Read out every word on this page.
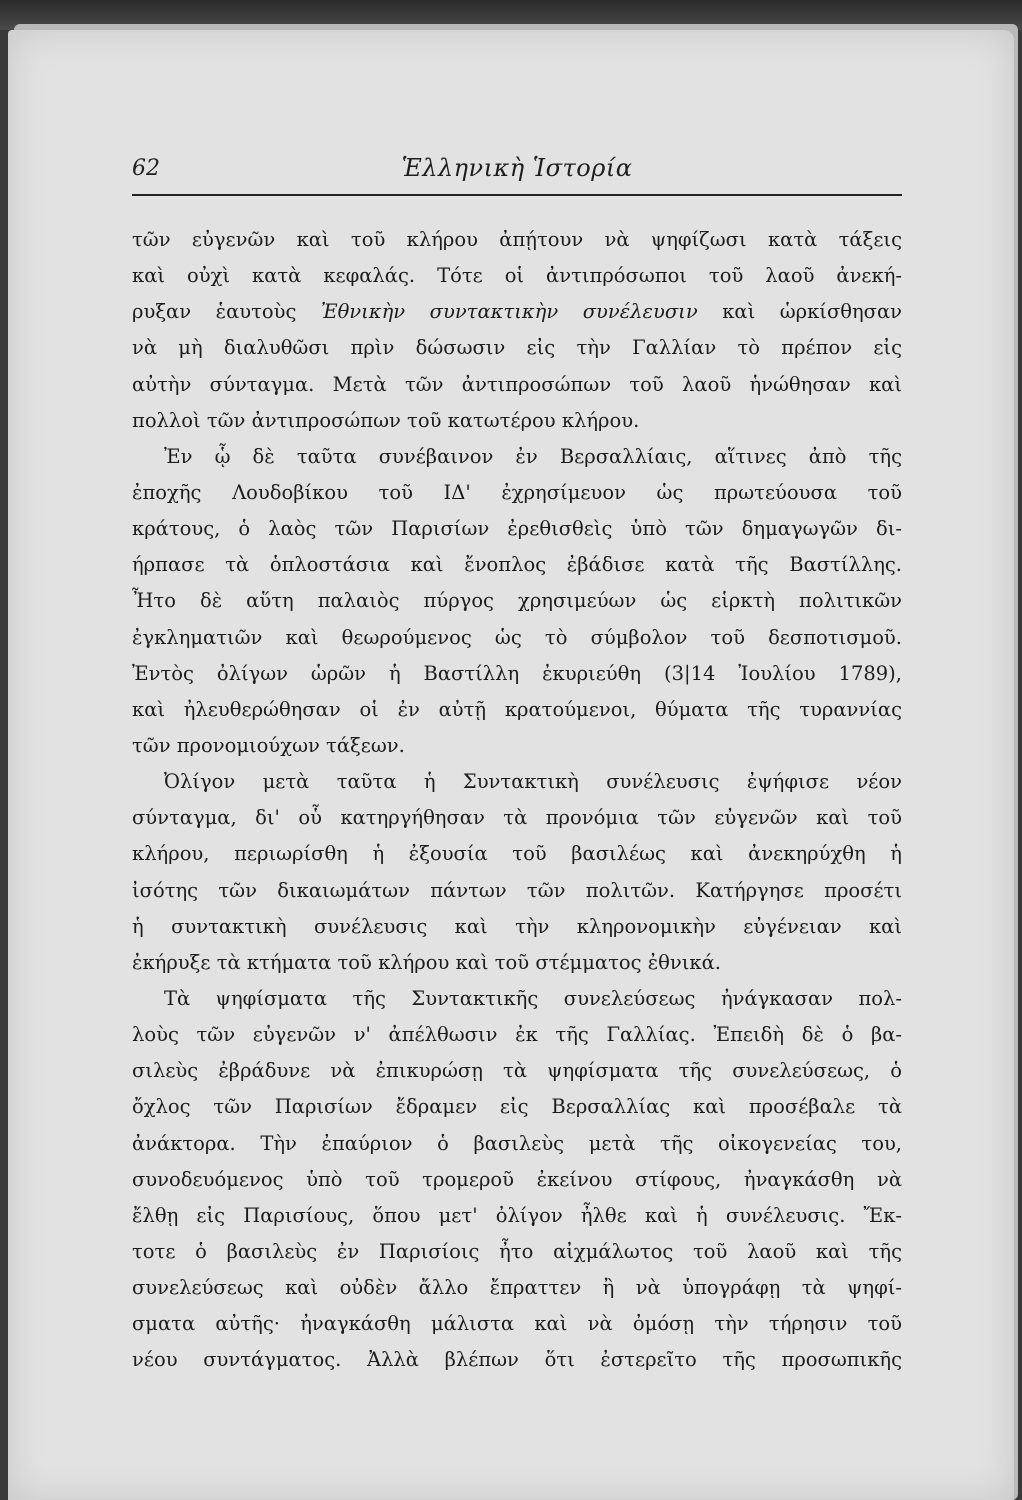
62	Ἑλληνικὴ Ἱστορία
τῶν εὐγενῶν καὶ τοῦ κλήρου ἀπῄτουν νὰ ψηφίζωσι κατὰ τάξεις
καὶ οὐχὶ κατὰ κεφαλάς. Τότε οἱ ἀντιπρόσωποι τοῦ λαοῦ ἀνεκή-
ρυξαν ἑαυτοὺς Ἐθνικὴν συντακτικὴν συνέλευσιν καὶ ὡρκίσθησαν
νὰ μὴ διαλυθῶσι πρὶν δώσωσιν εἰς τὴν Γαλλίαν τὸ πρέπον εἰς
αὐτὴν σύνταγμα. Μετὰ τῶν ἀντιπροσώπων τοῦ λαοῦ ἡνώθησαν καὶ
πολλοὶ τῶν ἀντιπροσώπων τοῦ κατωτέρου κλήρου.
Ἐν ᾧ δὲ ταῦτα συνέβαινον ἐν Βερσαλλίαις, αἵτινες ἀπὸ τῆς
ἐποχῆς Λουδοβίκου τοῦ ΙΔ' ἐχρησίμευον ὡς πρωτεύουσα τοῦ
κράτους, ὁ λαὸς τῶν Παρισίων ἐρεθισθεὶς ὑπὸ τῶν δημαγωγῶν δι-
ήρπασε τὰ ὁπλοστάσια καὶ ἔνοπλος ἐβάδισε κατὰ τῆς Βαστίλλης.
Ἦτο δὲ αὕτη παλαιὸς πύργος χρησιμεύων ὡς εἱρκτὴ πολιτικῶν
ἐγκληματιῶν καὶ θεωρούμενος ὡς τὸ σύμβολον τοῦ δεσποτισμοῦ.
Ἐντὸς ὀλίγων ὡρῶν ἡ Βαστίλλη ἐκυριεύθη (3|14 Ἰουλίου 1789),
καὶ ἠλευθερώθησαν οἱ ἐν αὐτῇ κρατούμενοι, θύματα τῆς τυραννίας
τῶν προνομιούχων τάξεων.
Ὀλίγον μετὰ ταῦτα ἡ Συντακτικὴ συνέλευσις ἐψήφισε νέον
σύνταγμα, δι' οὗ κατηργήθησαν τὰ προνόμια τῶν εὐγενῶν καὶ τοῦ
κλήρου, περιωρίσθη ἡ ἐξουσία τοῦ βασιλέως καὶ ἀνεκηρύχθη ἡ
ἰσότης τῶν δικαιωμάτων πάντων τῶν πολιτῶν. Κατήργησε προσέτι
ἡ συντακτικὴ συνέλευσις καὶ τὴν κληρονομικὴν εὐγένειαν καὶ
ἐκήρυξε τὰ κτήματα τοῦ κλήρου καὶ τοῦ στέμματος ἐθνικά.
Τὰ ψηφίσματα τῆς Συντακτικῆς συνελεύσεως ἠνάγκασαν πολ-
λοὺς τῶν εὐγενῶν ν' ἀπέλθωσιν ἐκ τῆς Γαλλίας. Ἐπειδὴ δὲ ὁ βα-
σιλεὺς ἐβράδυνε νὰ ἐπικυρώσῃ τὰ ψηφίσματα τῆς συνελεύσεως, ὁ
ὄχλος τῶν Παρισίων ἔδραμεν εἰς Βερσαλλίας καὶ προσέβαλε τὰ
ἀνάκτορα. Τὴν ἐπαύριον ὁ βασιλεὺς μετὰ τῆς οἰκογενείας του,
συνοδευόμενος ὑπὸ τοῦ τρομεροῦ ἐκείνου στίφους, ἠναγκάσθη νὰ
ἔλθῃ εἰς Παρισίους, ὅπου μετ' ὀλίγον ἦλθε καὶ ἡ συνέλευσις. Ἔκ-
τοτε ὁ βασιλεὺς ἐν Παρισίοις ἦτο αἰχμάλωτος τοῦ λαοῦ καὶ τῆς
συνελεύσεως καὶ οὐδὲν ἄλλο ἔπραττεν ἢ νὰ ὑπογράφῃ τὰ ψηφί-
σματα αὐτῆς· ἠναγκάσθη μάλιστα καὶ νὰ ὀμόσῃ τὴν τήρησιν τοῦ
νέου συντάγματος. Ἀλλὰ βλέπων ὅτι ἐστερεῖτο τῆς προσωπικῆς
